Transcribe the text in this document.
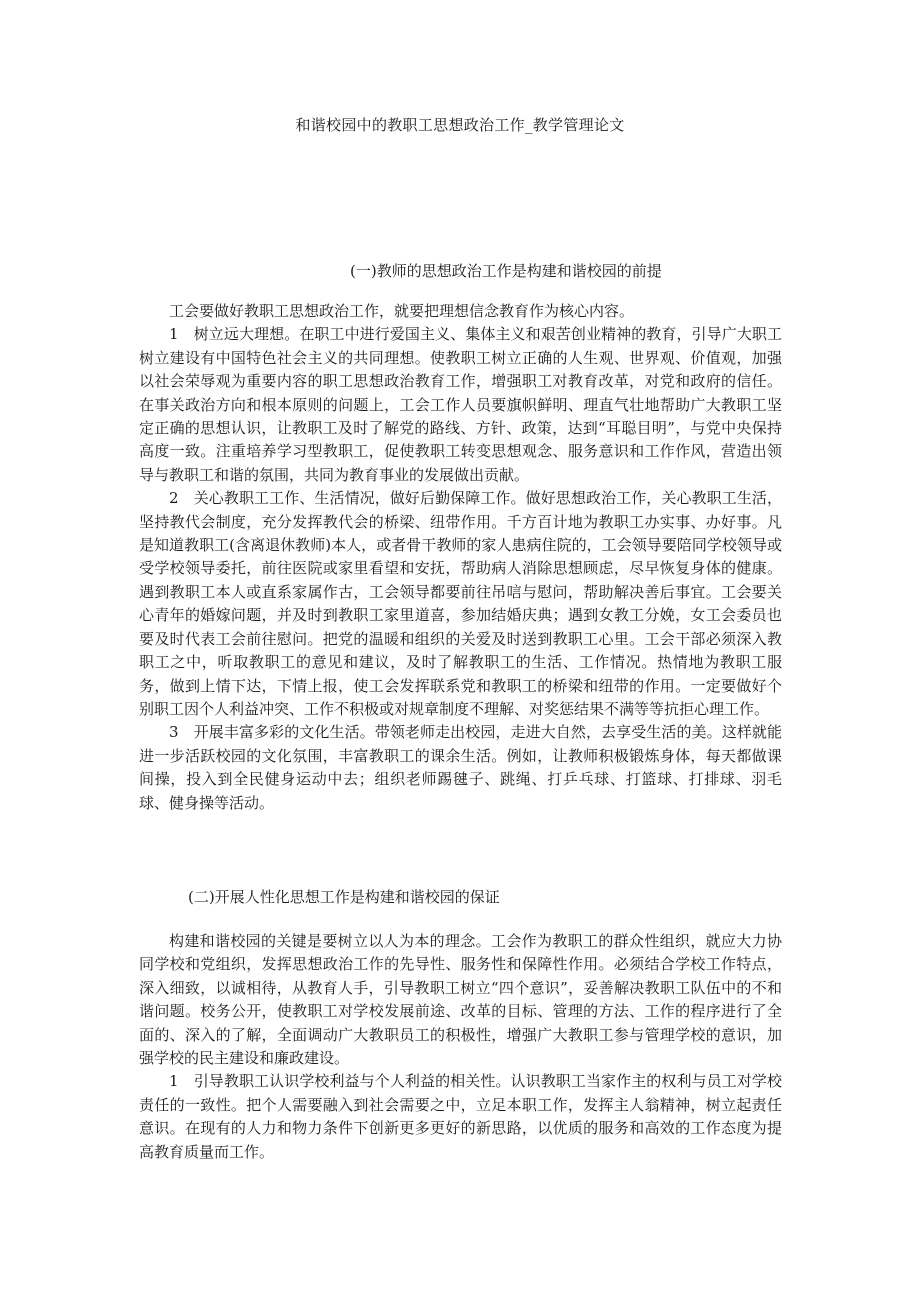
和谐校园中的教职工思想政治工作_教学管理论文
(一)教师的思想政治工作是构建和谐校园的前提

工会要做好教职工思想政治工作，就要把理想信念教育作为核心内容。

1　树立远大理想。在职工中进行爱国主义、集体主义和艰苦创业精神的教育，引导广大职工树立建设有中国特色社会主义的共同理想。使教职工树立正确的人生观、世界观、价值观，加强以社会荣辱观为重要内容的职工思想政治教育工作，增强职工对教育改革，对党和政府的信任。在事关政治方向和根本原则的问题上，工会工作人员要旗帜鲜明、理直气壮地帮助广大教职工坚定正确的思想认识，让教职工及时了解党的路线、方针、政策，达到“耳聪目明”，与党中央保持高度一致。注重培养学习型教职工，促使教职工转变思想观念、服务意识和工作作风，营造出领导与教职工和谐的氛围，共同为教育事业的发展做出贡献。

2　关心教职工工作、生活情况，做好后勤保障工作。做好思想政治工作，关心教职工生活，坚持教代会制度，充分发挥教代会的桥梁、纽带作用。千方百计地为教职工办实事、办好事。凡是知道教职工(含离退休教师)本人，或者骨干教师的家人患病住院的，工会领导要陪同学校领导或受学校领导委托，前往医院或家里看望和安抚，帮助病人消除思想顾虑，尽早恢复身体的健康。遇到教职工本人或直系家属作古，工会领导都要前往吊唁与慰问，帮助解决善后事宜。工会要关心青年的婚嫁问题，并及时到教职工家里道喜，参加结婚庆典；遇到女教工分娩，女工会委员也要及时代表工会前往慰问。把党的温暖和组织的关爱及时送到教职工心里。工会干部必须深入教职工之中，听取教职工的意见和建议，及时了解教职工的生活、工作情况。热情地为教职工服务，做到上情下达，下情上报，使工会发挥联系党和教职工的桥梁和纽带的作用。一定要做好个别职工因个人利益冲突、工作不积极或对规章制度不理解、对奖惩结果不满等等抗拒心理工作。

3　开展丰富多彩的文化生活。带领老师走出校园，走进大自然，去享受生活的美。这样就能进一步活跃校园的文化氛围，丰富教职工的课余生活。例如，让教师积极锻炼身体，每天都做课间操，投入到全民健身运动中去；组织老师踢毽子、跳绳、打乒乓球、打篮球、打排球、羽毛球、健身操等活动。

(二)开展人性化思想工作是构建和谐校园的保证

构建和谐校园的关键是要树立以人为本的理念。工会作为教职工的群众性组织，就应大力协同学校和党组织，发挥思想政治工作的先导性、服务性和保障性作用。必须结合学校工作特点，深入细致，以诚相待，从教育人手，引导教职工树立“四个意识”，妥善解决教职工队伍中的不和谐问题。校务公开，使教职工对学校发展前途、改革的目标、管理的方法、工作的程序进行了全面的、深入的了解，全面调动广大教职员工的积极性，增强广大教职工参与管理学校的意识，加强学校的民主建设和廉政建设。

1　引导教职工认识学校利益与个人利益的相关性。认识教职工当家作主的权利与员工对学校责任的一致性。把个人需要融入到社会需要之中，立足本职工作，发挥主人翁精神，树立起责任意识。在现有的人力和物力条件下创新更多更好的新思路，以优质的服务和高效的工作态度为提高教育质量而工作。
